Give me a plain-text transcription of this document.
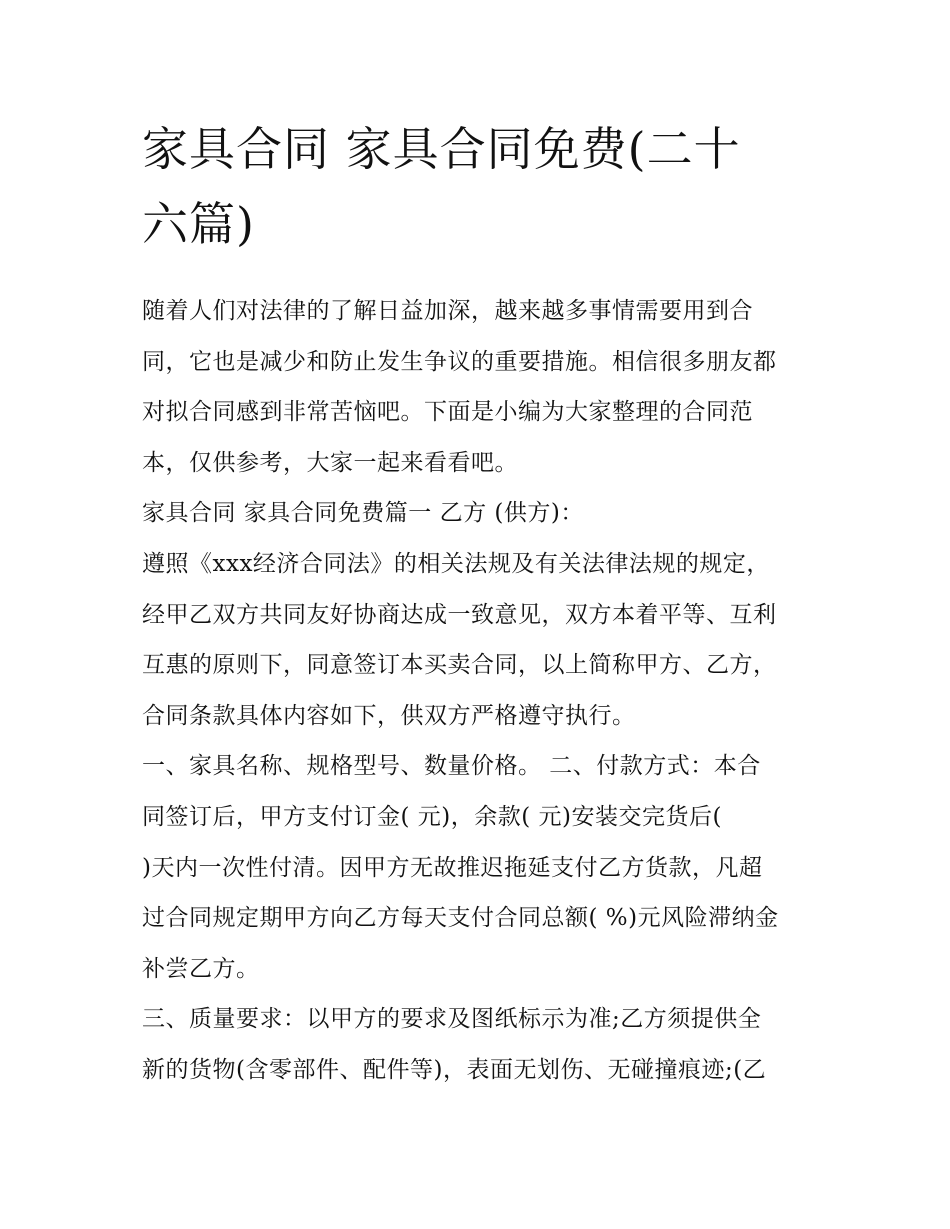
家具合同 家具合同免费(二十
六篇)

随着人们对法律的了解日益加深，越来越多事情需要用到合
同，它也是减少和防止发生争议的重要措施。相信很多朋友都
对拟合同感到非常苦恼吧。下面是小编为大家整理的合同范
本，仅供参考，大家一起来看看吧。

家具合同 家具合同免费篇一 乙方 (供方)：

遵照《xxx经济合同法》的相关法规及有关法律法规的规定，
经甲乙双方共同友好协商达成一致意见，双方本着平等、互利
互惠的原则下，同意签订本买卖合同，以上简称甲方、乙方，
合同条款具体内容如下，供双方严格遵守执行。

一、家具名称、规格型号、数量价格。 二、付款方式：本合
同签订后，甲方支付订金( 元)，余款( 元)安装交完货后(
)天内一次性付清。因甲方无故推迟拖延支付乙方货款，凡超
过合同规定期甲方向乙方每天支付合同总额( %)元风险滞纳金
补尝乙方。

三、质量要求：以甲方的要求及图纸标示为准;乙方须提供全
新的货物(含零部件、配件等)，表面无划伤、无碰撞痕迹;(乙
